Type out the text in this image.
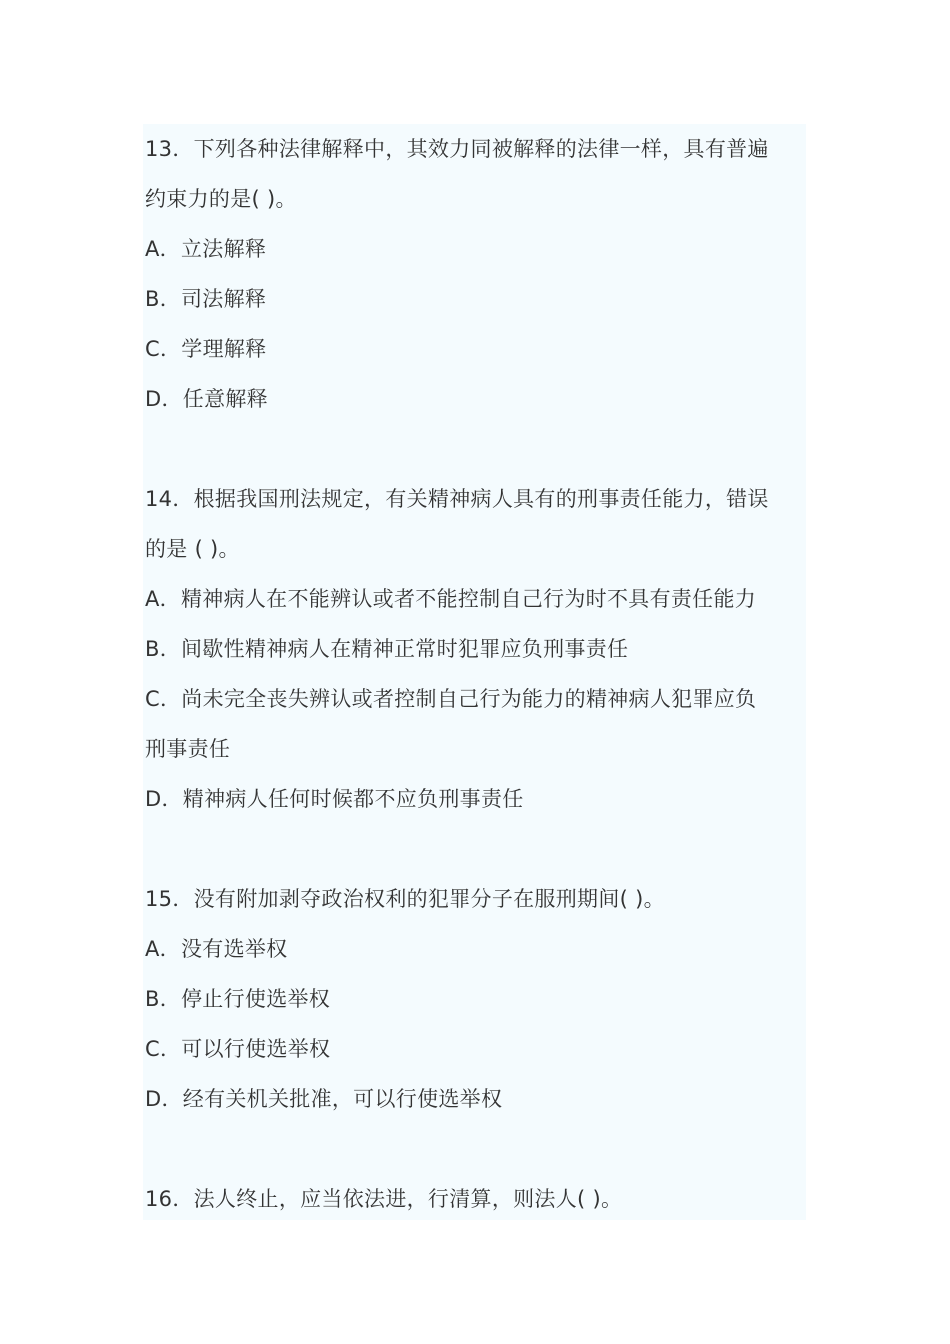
13．下列各种法律解释中，其效力同被解释的法律一样，具有普遍
约束力的是( )。
A．立法解释
B．司法解释
C．学理解释
D．任意解释
14．根据我国刑法规定，有关精神病人具有的刑事责任能力，错误
的是 ( )。
A．精神病人在不能辨认或者不能控制自己行为时不具有责任能力
B．间歇性精神病人在精神正常时犯罪应负刑事责任
C．尚未完全丧失辨认或者控制自己行为能力的精神病人犯罪应负
刑事责任
D．精神病人任何时候都不应负刑事责任
15．没有附加剥夺政治权利的犯罪分子在服刑期间( )。
A．没有选举权
B．停止行使选举权
C．可以行使选举权
D．经有关机关批准，可以行使选举权
16．法人终止，应当依法进，行清算，则法人( )。
